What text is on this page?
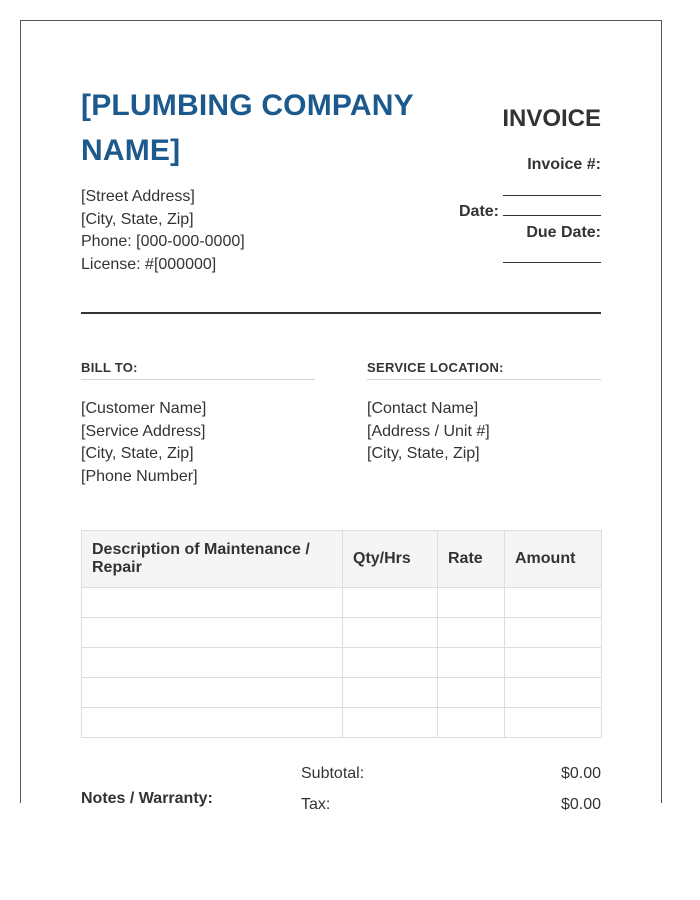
[PLUMBING COMPANY NAME]
[Street Address]
[City, State, Zip]
Phone: [000-000-0000]
License: #[000000]
INVOICE
Invoice #:
Date:
Due Date:
BILL TO:
[Customer Name]
[Service Address]
[City, State, Zip]
[Phone Number]
SERVICE LOCATION:
[Contact Name]
[Address / Unit #]
[City, State, Zip]
Description of Maintenance / Repair	Qty/Hrs	Rate	Amount

Subtotal:	$0.00
Notes / Warranty:	Tax:	$0.00
